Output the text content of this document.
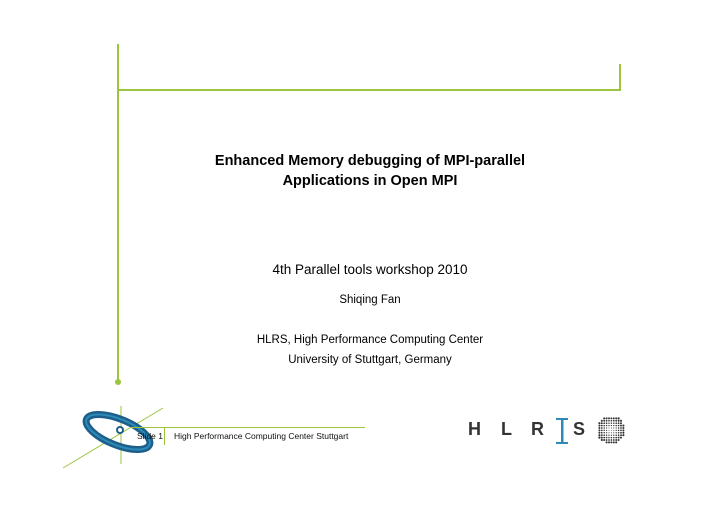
Enhanced Memory debugging of MPI-parallel
Applications in Open MPI
4th Parallel tools workshop 2010
Shiqing Fan
HLRS, High Performance Computing Center
University of Stuttgart, Germany
Slide 1 High Performance Computing Center Stuttgart	H L R S
